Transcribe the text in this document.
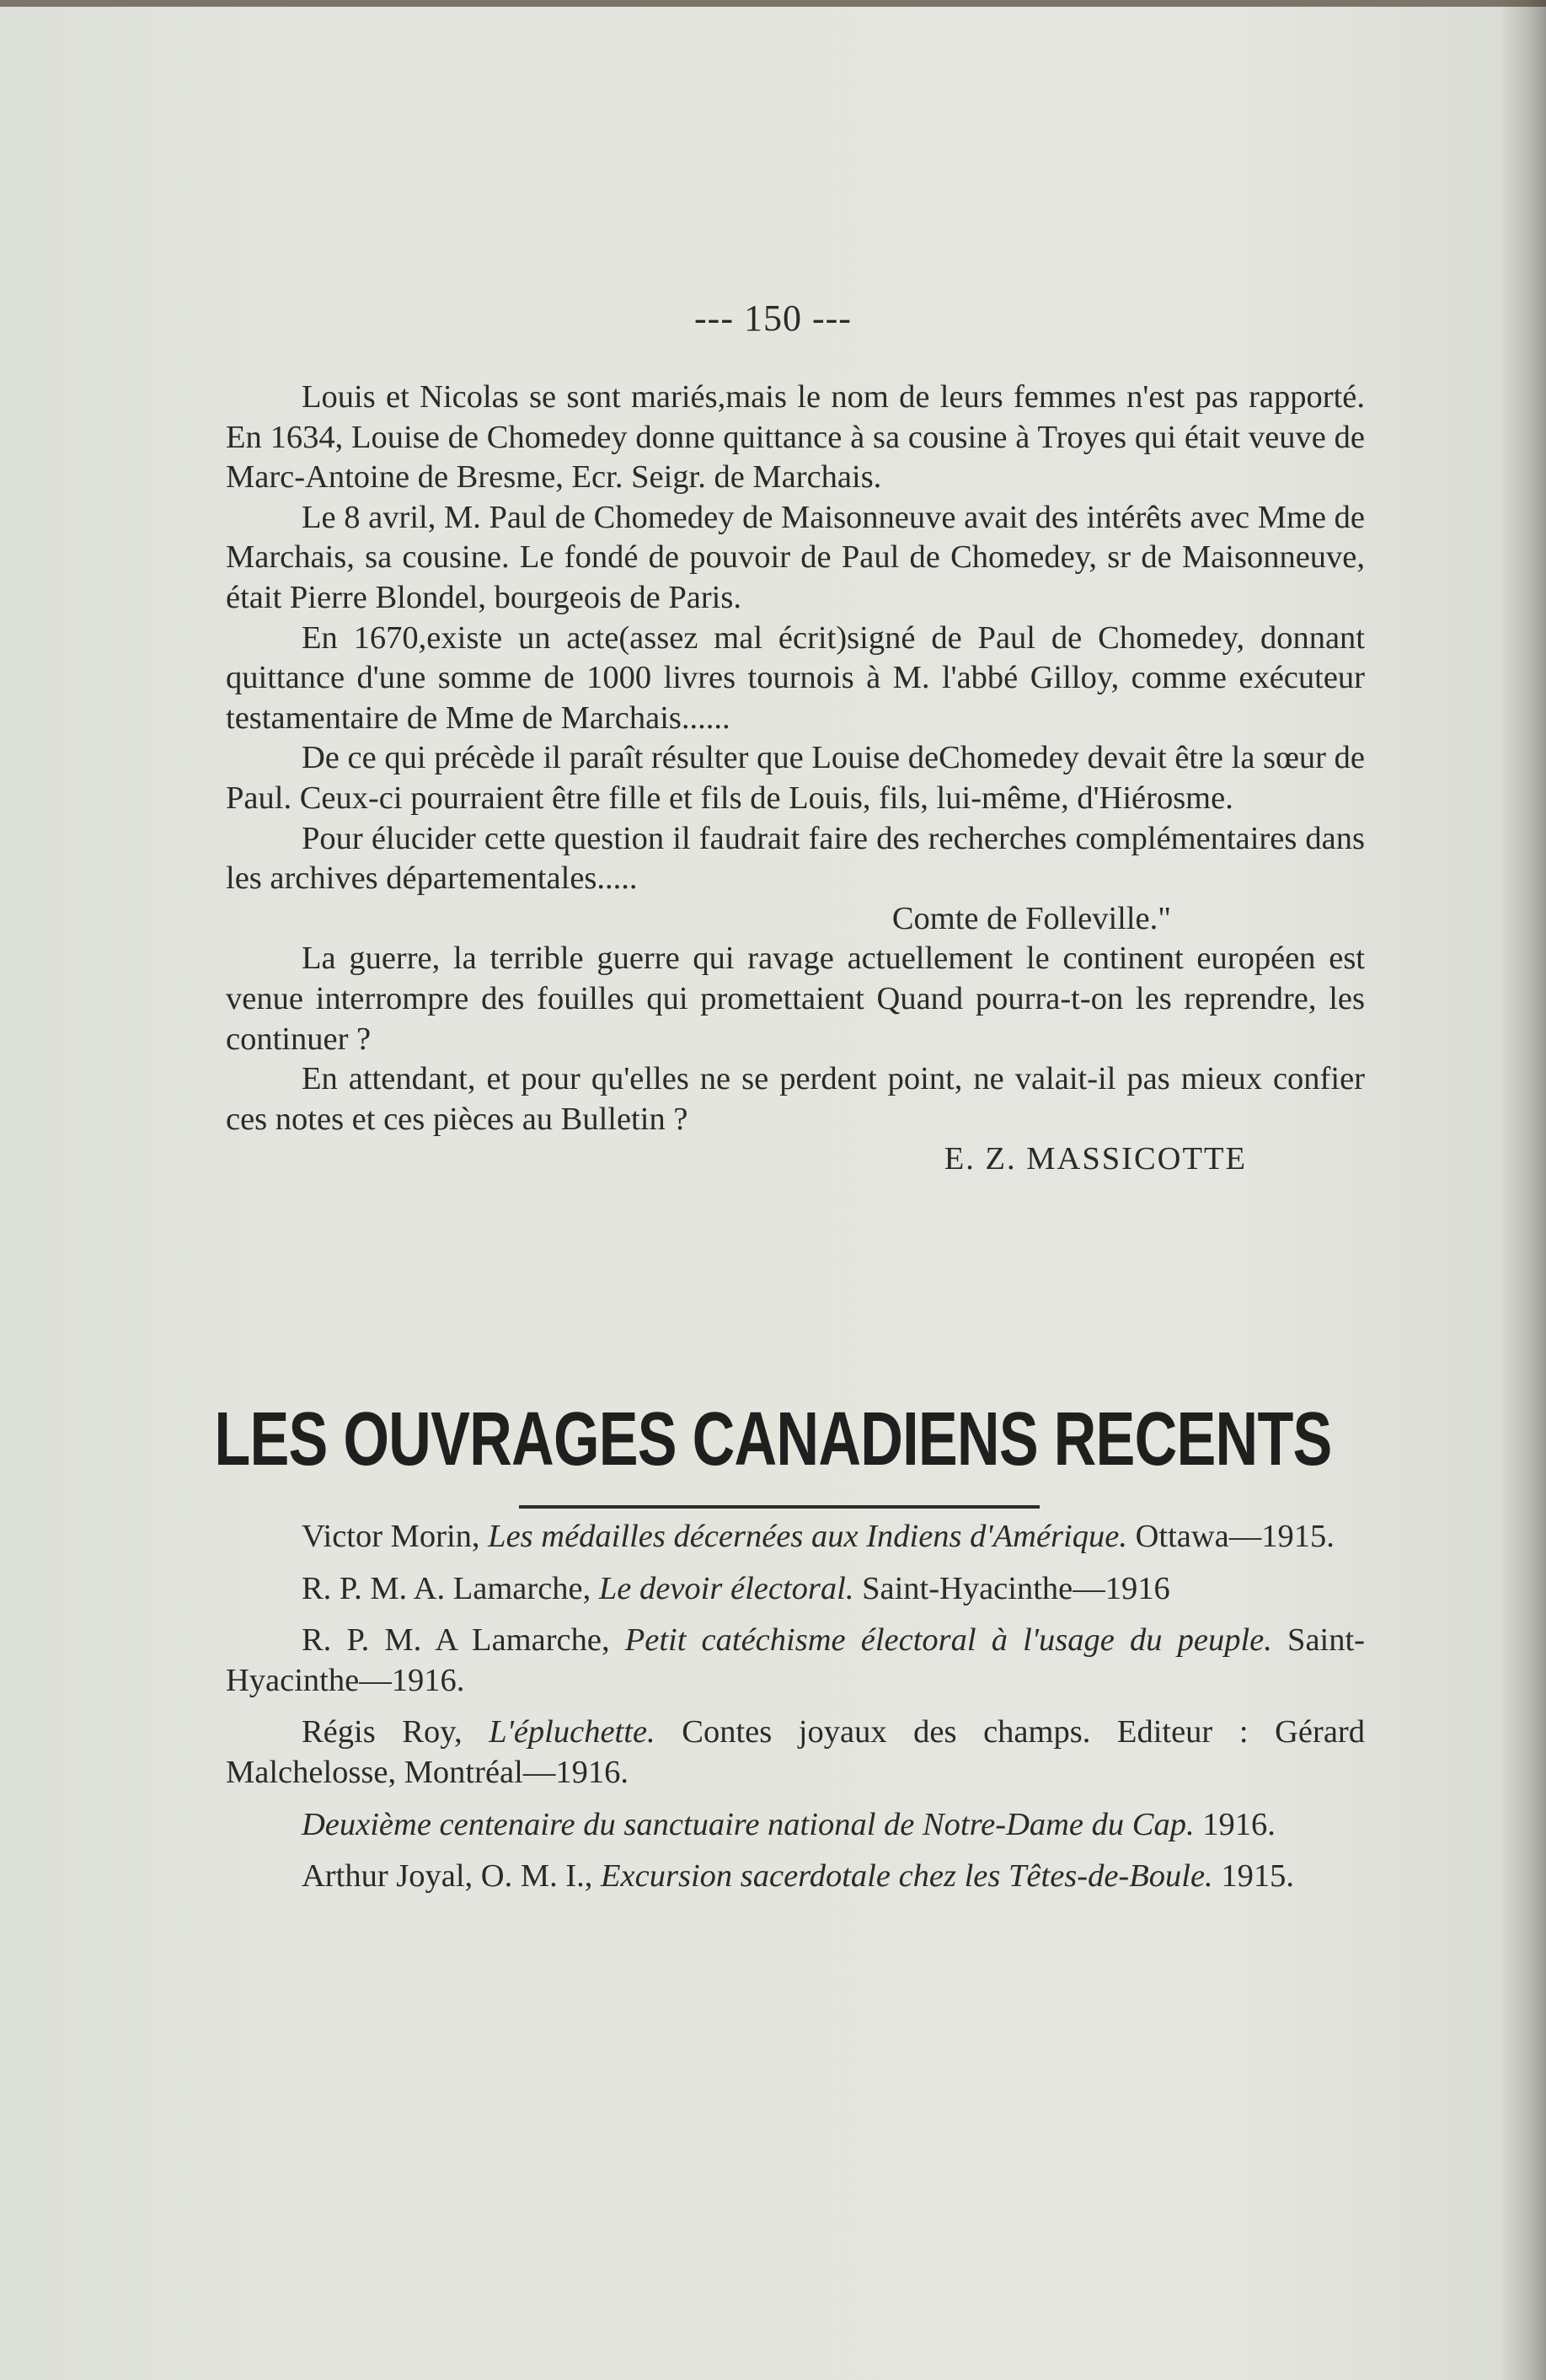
--- 150 ---

Louis et Nicolas se sont mariés,mais le nom de leurs femmes n'est pas rapporté. En 1634, Louise de Chomedey donne quittance à sa cousine à Troyes qui était veuve de Marc-Antoine de Bresme, Ecr. Seigr. de Marchais.

Le 8 avril, M. Paul de Chomedey de Maisonneuve avait des intérêts avec Mme de Marchais, sa cousine. Le fondé de pouvoir de Paul de Chomedey, sr de Maisonneuve, était Pierre Blondel, bourgeois de Paris.

En 1670,existe un acte(assez mal écrit)signé de Paul de Chomedey, donnant quittance d'une somme de 1000 livres tournois à M. l'abbé Gilloy, comme exécuteur testamentaire de Mme de Marchais......

De ce qui précède il paraît résulter que Louise deChomedey devait être la sœur de Paul. Ceux-ci pourraient être fille et fils de Louis, fils, lui-même, d'Hiérosme.

Pour élucider cette question il faudrait faire des recherches complémentaires dans les archives départementales.....

Comte de Folleville."

La guerre, la terrible guerre qui ravage actuellement le continent européen est venue interrompre des fouilles qui promettaient Quand pourra-t-on les reprendre, les continuer ?

En attendant, et pour qu'elles ne se perdent point, ne valait-il pas mieux confier ces notes et ces pièces au Bulletin ?

E. Z. MASSICOTTE

LES OUVRAGES CANADIENS RECENTS

Victor Morin, Les médailles décernées aux Indiens d'Amérique. Ottawa—1915.

R. P. M. A. Lamarche, Le devoir électoral. Saint-Hyacinthe—1916

R. P. M. A Lamarche, Petit catéchisme électoral à l'usage du peuple. Saint-Hyacinthe—1916.

Régis Roy, L'épluchette. Contes joyaux des champs. Editeur : Gérard Malchelosse, Montréal—1916.

Deuxième centenaire du sanctuaire national de Notre-Dame du Cap. 1916.

Arthur Joyal, O. M. I., Excursion sacerdotale chez les Têtes-de-Boule. 1915.
